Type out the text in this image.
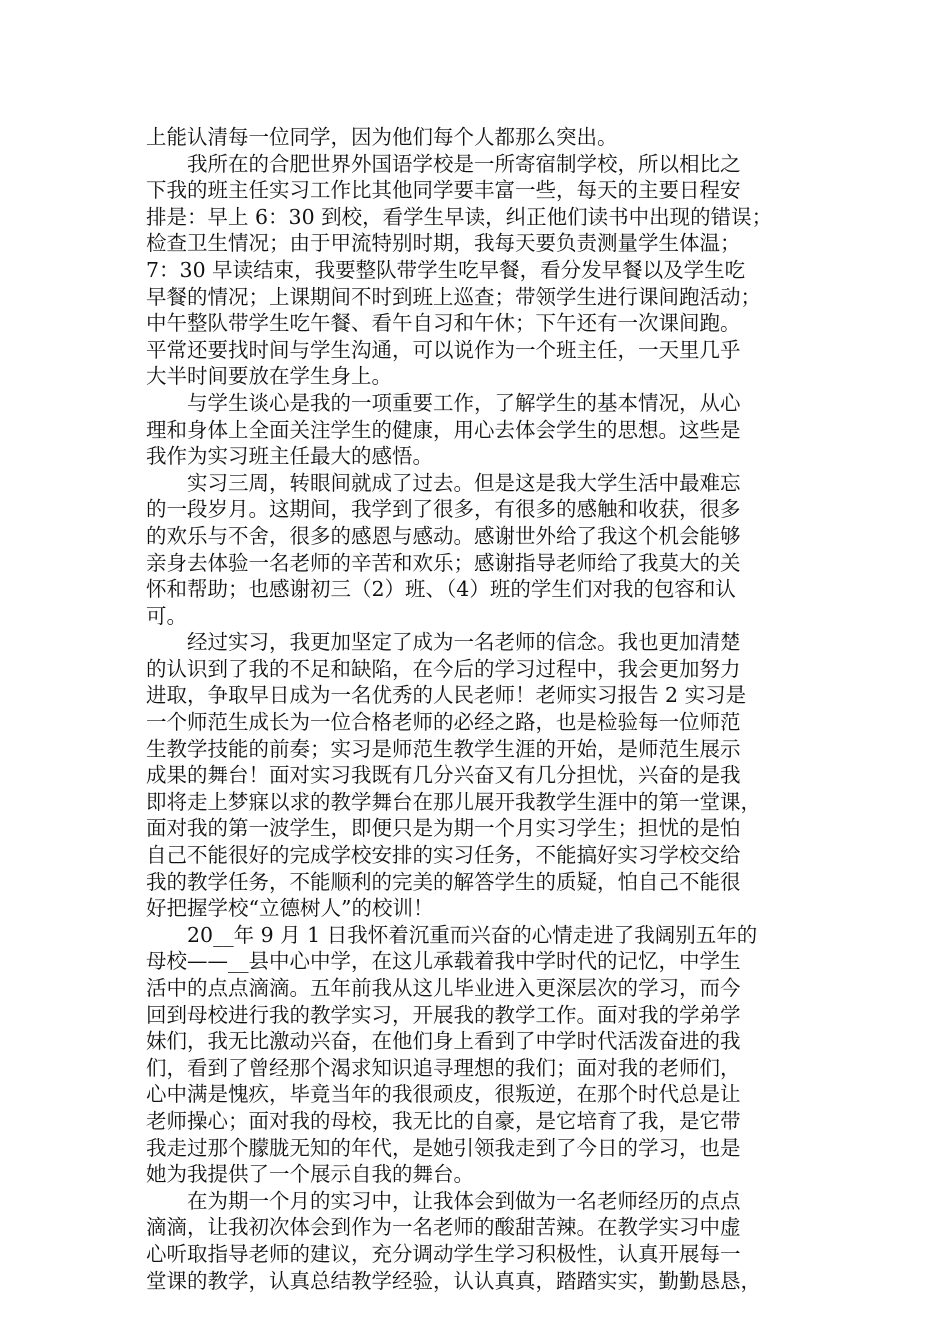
上能认清每一位同学，因为他们每个人都那么突出。
　　我所在的合肥世界外国语学校是一所寄宿制学校，所以相比之
下我的班主任实习工作比其他同学要丰富一些，每天的主要日程安
排是：早上 6：30 到校，看学生早读，纠正他们读书中出现的错误；
检查卫生情况；由于甲流特别时期，我每天要负责测量学生体温；
7：30 早读结束，我要整队带学生吃早餐，看分发早餐以及学生吃
早餐的情况；上课期间不时到班上巡查；带领学生进行课间跑活动；
中午整队带学生吃午餐、看午自习和午休；下午还有一次课间跑。
平常还要找时间与学生沟通，可以说作为一个班主任，一天里几乎
大半时间要放在学生身上。
　　与学生谈心是我的一项重要工作，了解学生的基本情况，从心
理和身体上全面关注学生的健康，用心去体会学生的思想。这些是
我作为实习班主任最大的感悟。
　　实习三周，转眼间就成了过去。但是这是我大学生活中最难忘
的一段岁月。这期间，我学到了很多，有很多的感触和收获，很多
的欢乐与不舍，很多的感恩与感动。感谢世外给了我这个机会能够
亲身去体验一名老师的辛苦和欢乐；感谢指导老师给了我莫大的关
怀和帮助；也感谢初三（2）班、（4）班的学生们对我的包容和认
可。
　　经过实习，我更加坚定了成为一名老师的信念。我也更加清楚
的认识到了我的不足和缺陷，在今后的学习过程中，我会更加努力
进取，争取早日成为一名优秀的人民老师！老师实习报告 2 实习是
一个师范生成长为一位合格老师的必经之路，也是检验每一位师范
生教学技能的前奏；实习是师范生教学生涯的开始，是师范生展示
成果的舞台！面对实习我既有几分兴奋又有几分担忧，兴奋的是我
即将走上梦寐以求的教学舞台在那儿展开我教学生涯中的第一堂课，
面对我的第一波学生，即便只是为期一个月实习学生；担忧的是怕
自己不能很好的完成学校安排的实习任务，不能搞好实习学校交给
我的教学任务，不能顺利的完美的解答学生的质疑，怕自己不能很
好把握学校“立德树人”的校训！
　　20__年 9 月 1 日我怀着沉重而兴奋的心情走进了我阔别五年的
母校——__县中心中学，在这儿承载着我中学时代的记忆，中学生
活中的点点滴滴。五年前我从这儿毕业进入更深层次的学习，而今
回到母校进行我的教学实习，开展我的教学工作。面对我的学弟学
妹们，我无比激动兴奋，在他们身上看到了中学时代活泼奋进的我
们，看到了曾经那个渴求知识追寻理想的我们；面对我的老师们，
心中满是愧疚，毕竟当年的我很顽皮，很叛逆，在那个时代总是让
老师操心；面对我的母校，我无比的自豪，是它培育了我，是它带
我走过那个朦胧无知的年代，是她引领我走到了今日的学习，也是
她为我提供了一个展示自我的舞台。
　　在为期一个月的实习中，让我体会到做为一名老师经历的点点
滴滴，让我初次体会到作为一名老师的酸甜苦辣。在教学实习中虚
心听取指导老师的建议，充分调动学生学习积极性，认真开展每一
堂课的教学，认真总结教学经验，认认真真，踏踏实实，勤勤恳恳，
